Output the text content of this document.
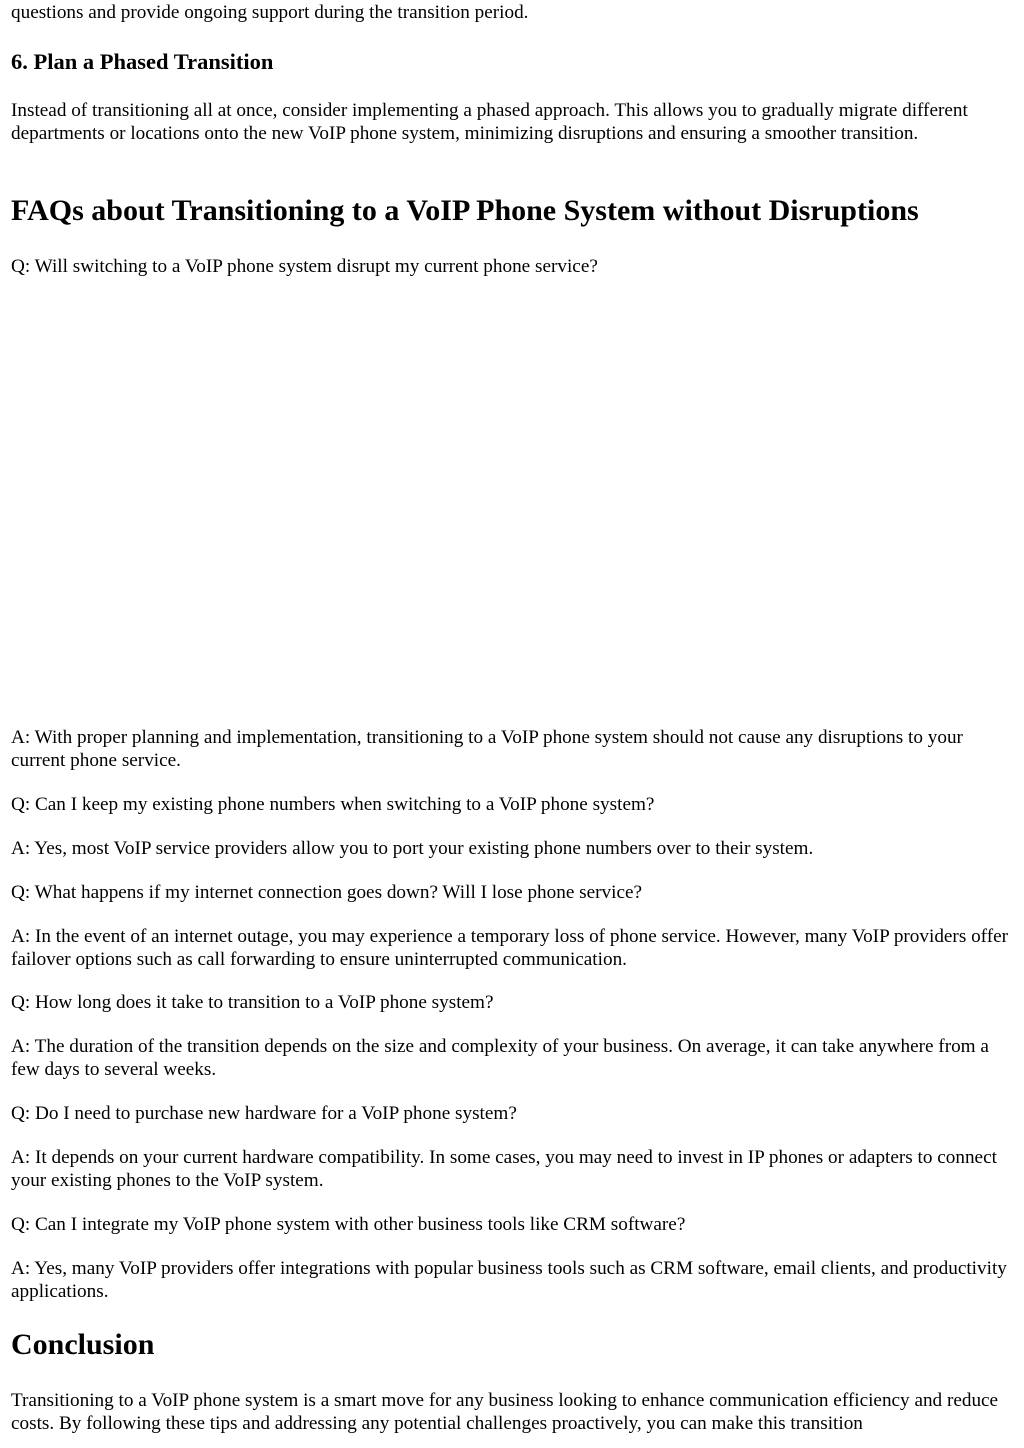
questions and provide ongoing support during the transition period.

6. Plan a Phased Transition

Instead of transitioning all at once, consider implementing a phased approach. This allows you to gradually migrate different departments or locations onto the new VoIP phone system, minimizing disruptions and ensuring a smoother transition.

FAQs about Transitioning to a VoIP Phone System without Disruptions

Q: Will switching to a VoIP phone system disrupt my current phone service?

A: With proper planning and implementation, transitioning to a VoIP phone system should not cause any disruptions to your current phone service.

Q: Can I keep my existing phone numbers when switching to a VoIP phone system?

A: Yes, most VoIP service providers allow you to port your existing phone numbers over to their system.

Q: What happens if my internet connection goes down? Will I lose phone service?

A: In the event of an internet outage, you may experience a temporary loss of phone service. However, many VoIP providers offer failover options such as call forwarding to ensure uninterrupted communication.

Q: How long does it take to transition to a VoIP phone system?

A: The duration of the transition depends on the size and complexity of your business. On average, it can take anywhere from a few days to several weeks.

Q: Do I need to purchase new hardware for a VoIP phone system?

A: It depends on your current hardware compatibility. In some cases, you may need to invest in IP phones or adapters to connect your existing phones to the VoIP system.

Q: Can I integrate my VoIP phone system with other business tools like CRM software?

A: Yes, many VoIP providers offer integrations with popular business tools such as CRM software, email clients, and productivity applications.

Conclusion

Transitioning to a VoIP phone system is a smart move for any business looking to enhance communication efficiency and reduce costs. By following these tips and addressing any potential challenges proactively, you can make this transition
